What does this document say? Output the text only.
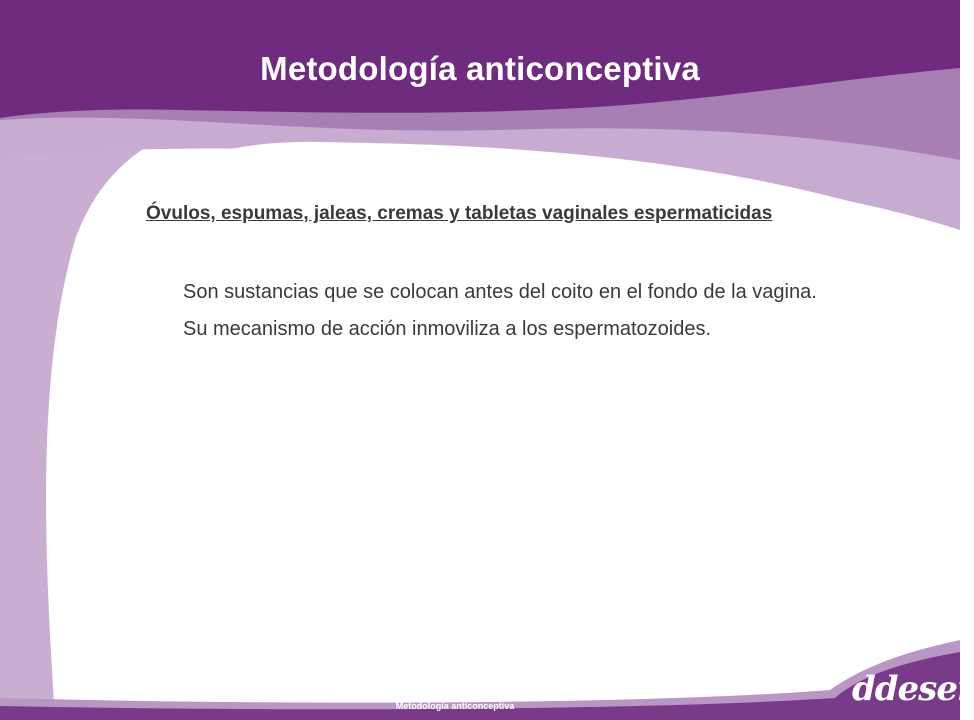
Metodología anticonceptiva
Óvulos, espumas, jaleas, cremas y tabletas vaginales espermaticidas
Son sustancias que se colocan antes del coito en el fondo de la vagina.
Su mecanismo de acción inmoviliza a los espermatozoides.
Metodología anticonceptiva	ddeser
